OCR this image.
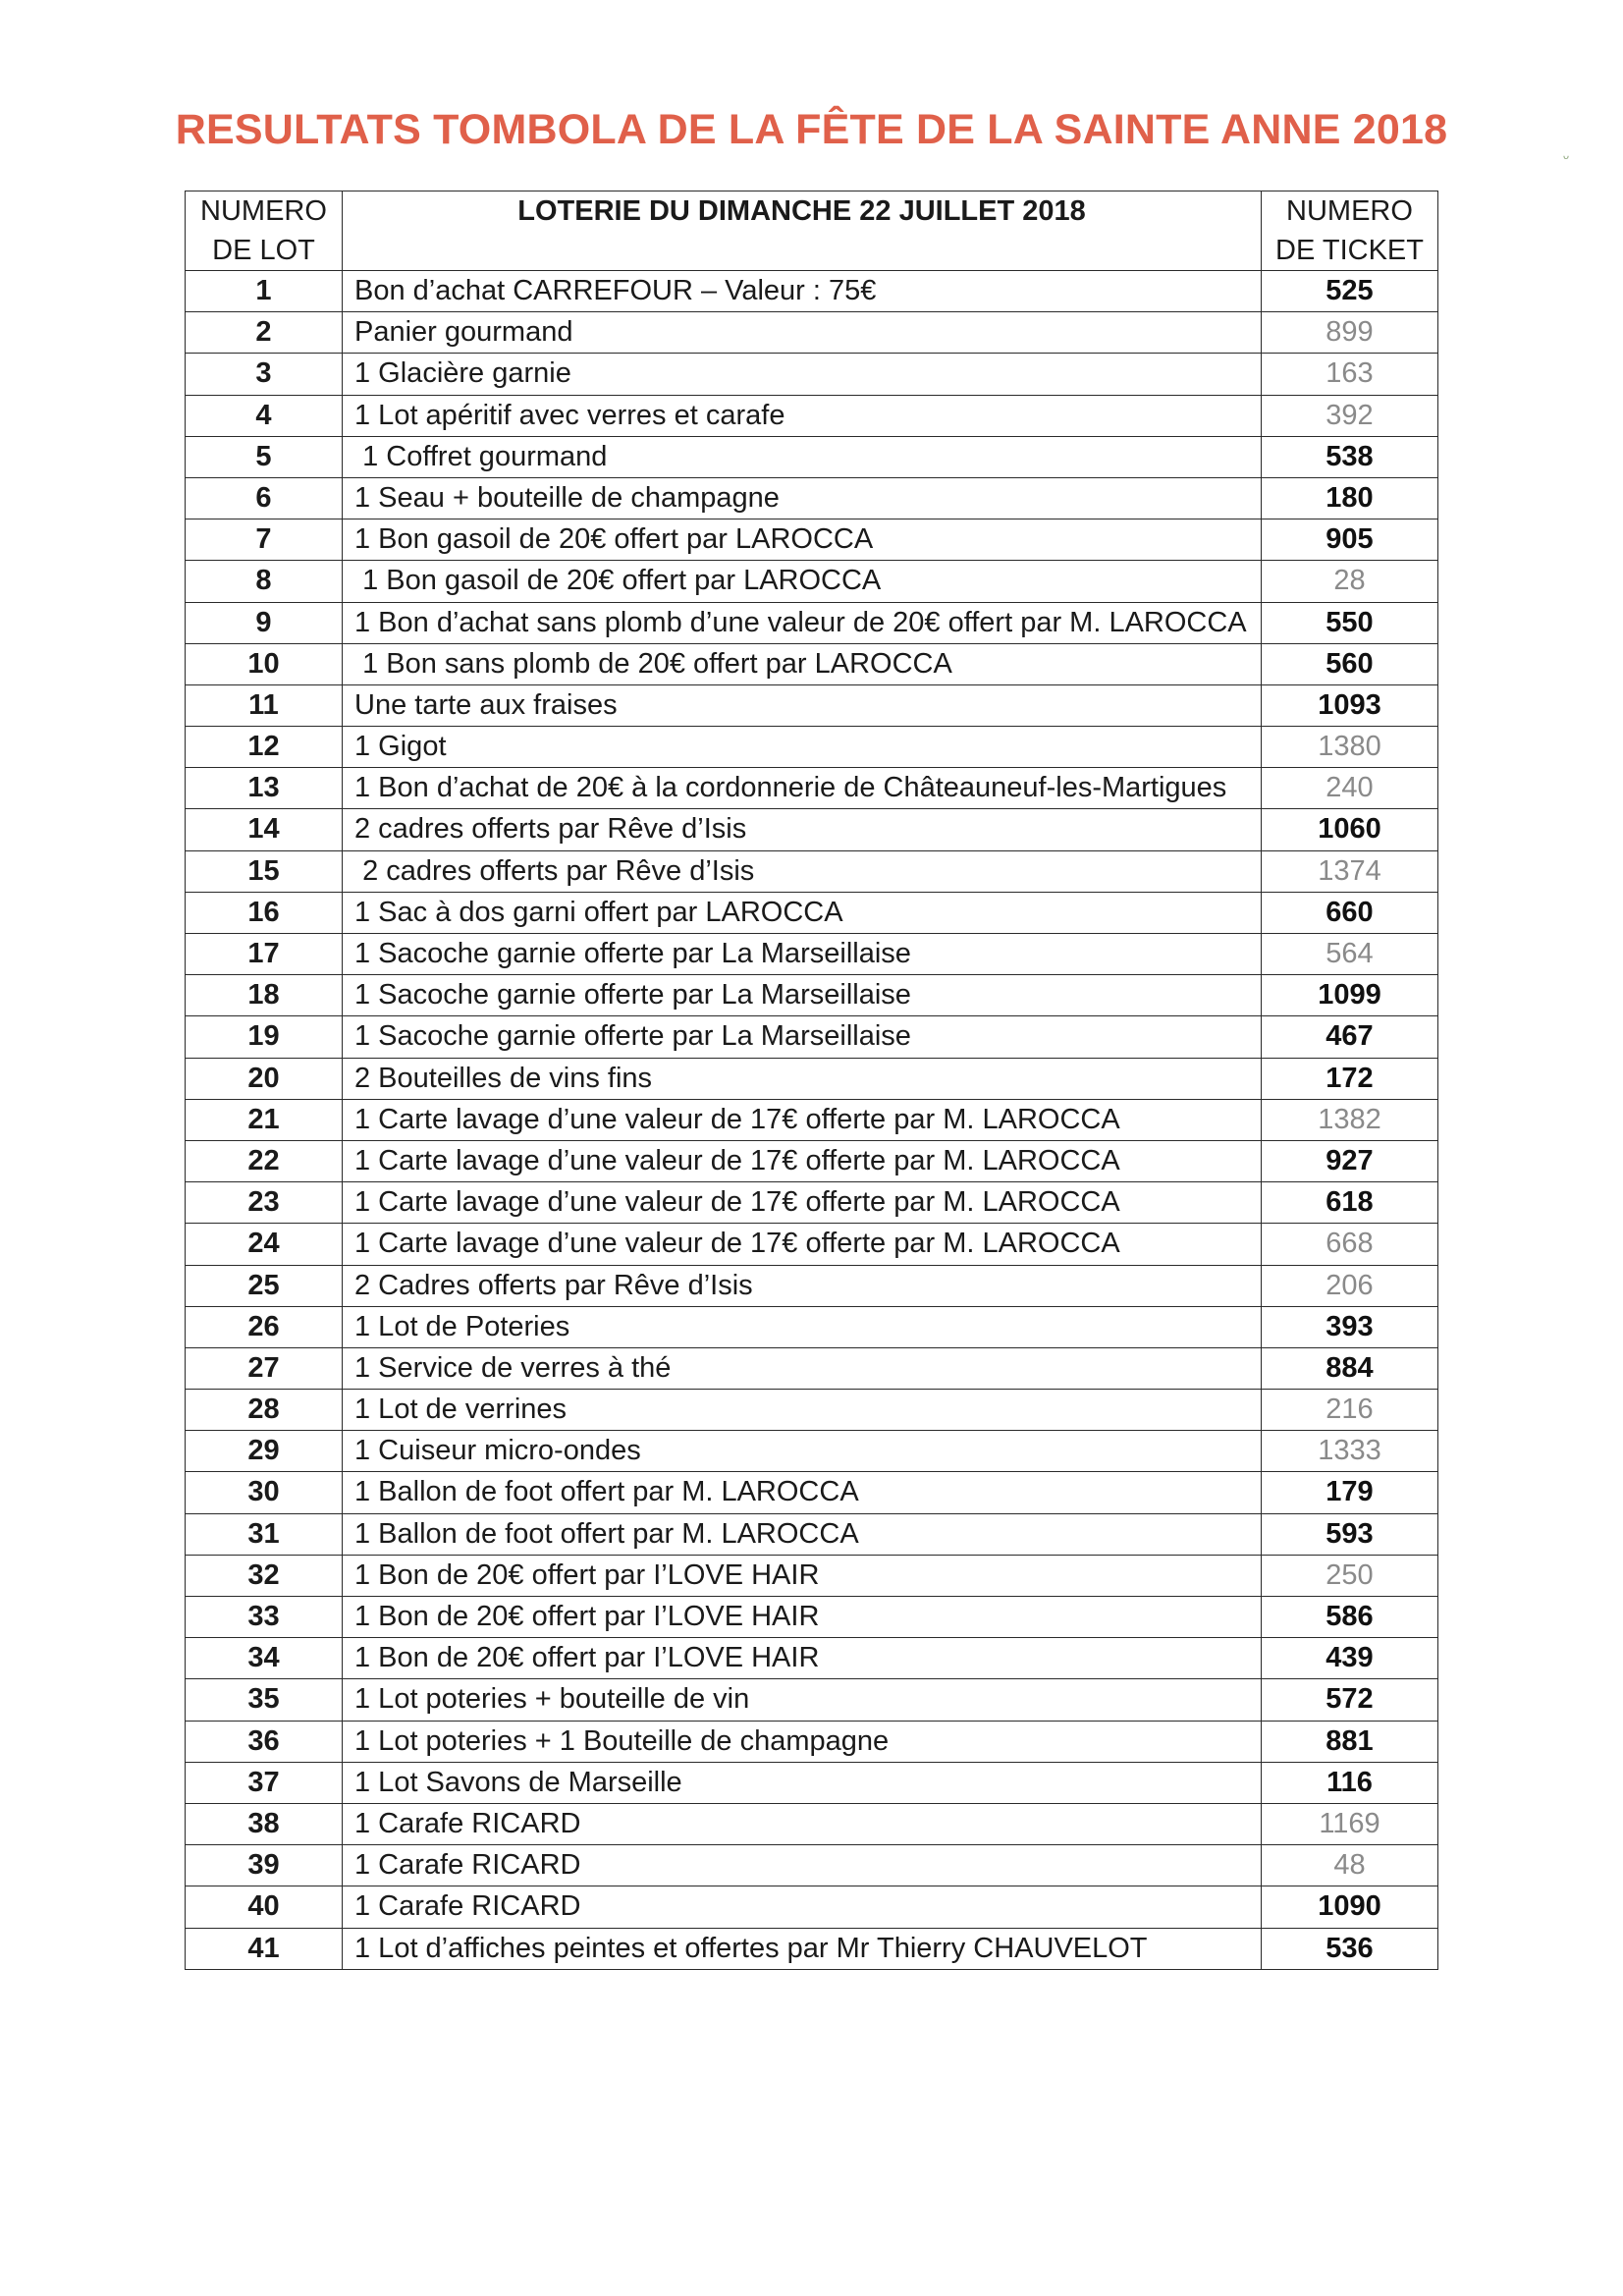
RESULTATS TOMBOLA DE LA FÊTE DE LA SAINTE ANNE 2018
ᵕ
NUMERO DE LOT	LOTERIE DU DIMANCHE 22 JUILLET 2018	NUMERO DE TICKET
1	Bon d’achat CARREFOUR – Valeur : 75€	525
2	Panier gourmand	899
3	1 Glacière garnie	163
4	1 Lot apéritif avec verres et carafe	392
5	1 Coffret gourmand	538
6	1 Seau + bouteille de champagne	180
7	1 Bon gasoil de 20€ offert par LAROCCA	905
8	1 Bon gasoil de 20€ offert par LAROCCA	28
9	1 Bon d’achat sans plomb d’une valeur de 20€ offert par M. LAROCCA	550
10	1 Bon sans plomb de 20€ offert par LAROCCA	560
11	Une tarte aux fraises	1093
12	1 Gigot	1380
13	1 Bon d’achat de 20€ à la cordonnerie de Châteauneuf-les-Martigues	240
14	2 cadres offerts par Rêve d’Isis	1060
15	2 cadres offerts par Rêve d’Isis	1374
16	1 Sac à dos garni offert par LAROCCA	660
17	1 Sacoche garnie offerte par La Marseillaise	564
18	1 Sacoche garnie offerte par La Marseillaise	1099
19	1 Sacoche garnie offerte par La Marseillaise	467
20	2 Bouteilles de vins fins	172
21	1 Carte lavage d’une valeur de 17€ offerte par M. LAROCCA	1382
22	1 Carte lavage d’une valeur de 17€ offerte par M. LAROCCA	927
23	1 Carte lavage d’une valeur de 17€ offerte par M. LAROCCA	618
24	1 Carte lavage d’une valeur de 17€ offerte par M. LAROCCA	668
25	2 Cadres offerts par Rêve d’Isis	206
26	1 Lot de Poteries	393
27	1 Service de verres à thé	884
28	1 Lot de verrines	216
29	1 Cuiseur micro-ondes	1333
30	1 Ballon de foot offert par M. LAROCCA	179
31	1 Ballon de foot offert par M. LAROCCA	593
32	1 Bon de 20€ offert par I’LOVE HAIR	250
33	1 Bon de 20€ offert par I’LOVE HAIR	586
34	1 Bon de 20€ offert par I’LOVE HAIR	439
35	1 Lot poteries + bouteille de vin	572
36	1 Lot poteries + 1 Bouteille de champagne	881
37	1 Lot Savons de Marseille	116
38	1 Carafe RICARD	1169
39	1 Carafe RICARD	48
40	1 Carafe RICARD	1090
41	1 Lot d’affiches peintes et offertes par Mr Thierry CHAUVELOT	536
